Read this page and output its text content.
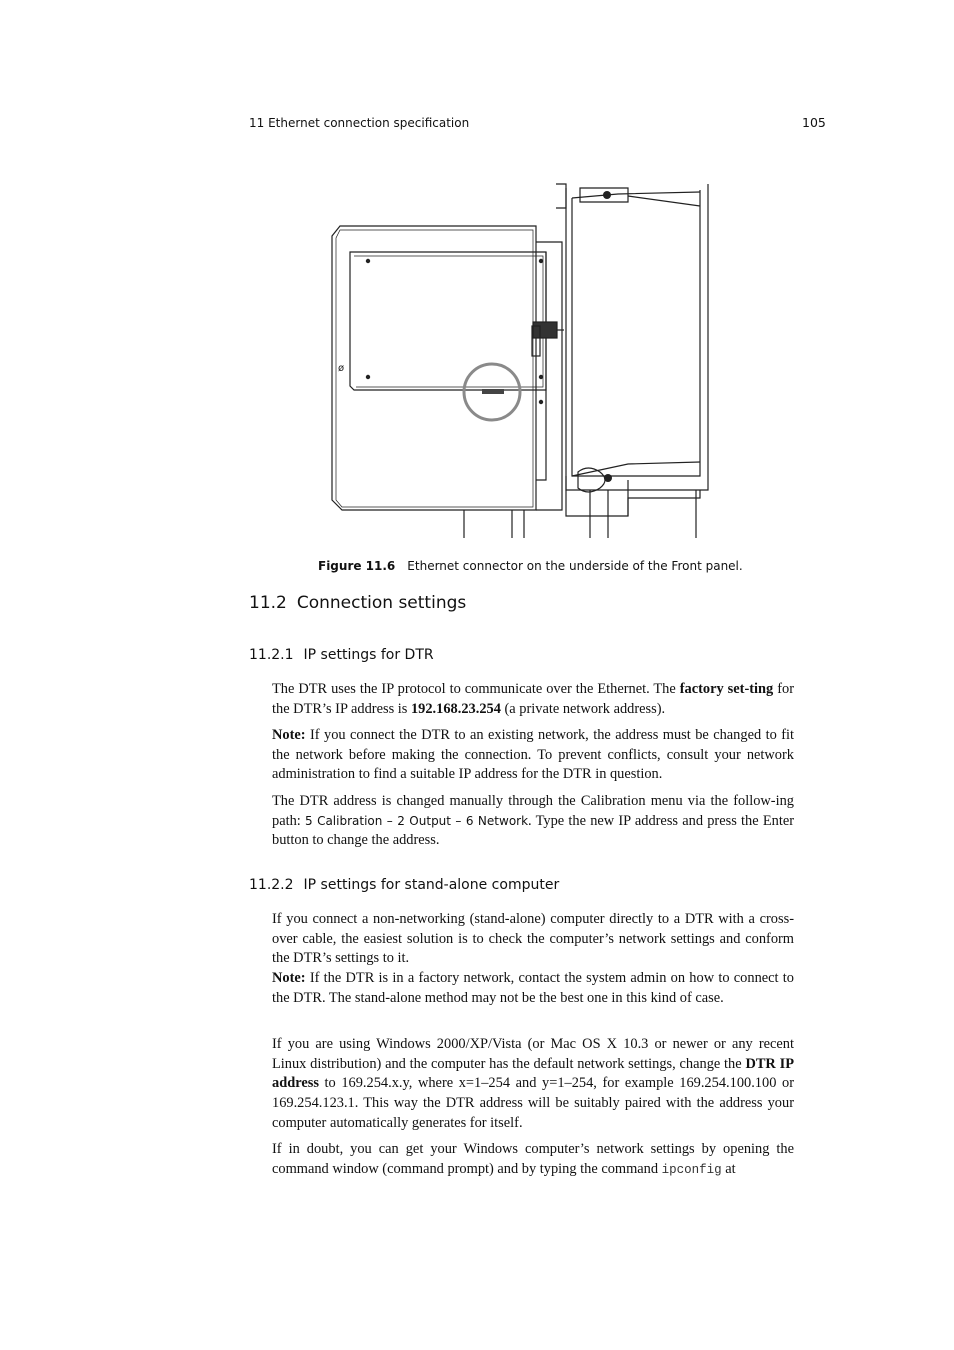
11 Ethernet connection specification	105
ø
Figure 11.6 Ethernet connector on the underside of the Front panel.
11.2 Connection settings
11.2.1 IP settings for DTR

The DTR uses the IP protocol to communicate over the Ethernet. The factory set-ting for the DTR’s IP address is 192.168.23.254 (a private network address).

Note: If you connect the DTR to an existing network, the address must be changed to fit the network before making the connection. To prevent conflicts, consult your network administration to find a suitable IP address for the DTR in question.

The DTR address is changed manually through the Calibration menu via the follow-ing path: 5 Calibration – 2 Output – 6 Network. Type the new IP address and press the Enter button to change the address.

11.2.2 IP settings for stand-alone computer

If you connect a non-networking (stand-alone) computer directly to a DTR with a cross-over cable, the easiest solution is to check the computer’s network settings and conform the DTR’s settings to it.
Note: If the DTR is in a factory network, contact the system admin on how to connect to the DTR. The stand-alone method may not be the best one in this kind of case.

If you are using Windows 2000/XP/Vista (or Mac OS X 10.3 or newer or any recent Linux distribution) and the computer has the default network settings, change the DTR IP address to 169.254.x.y, where x=1–254 and y=1–254, for example 169.254.100.100 or 169.254.123.1. This way the DTR address will be suitably paired with the address your computer automatically generates for itself.

If in doubt, you can get your Windows computer’s network settings by opening the command window (command prompt) and by typing the command ipconfig at
